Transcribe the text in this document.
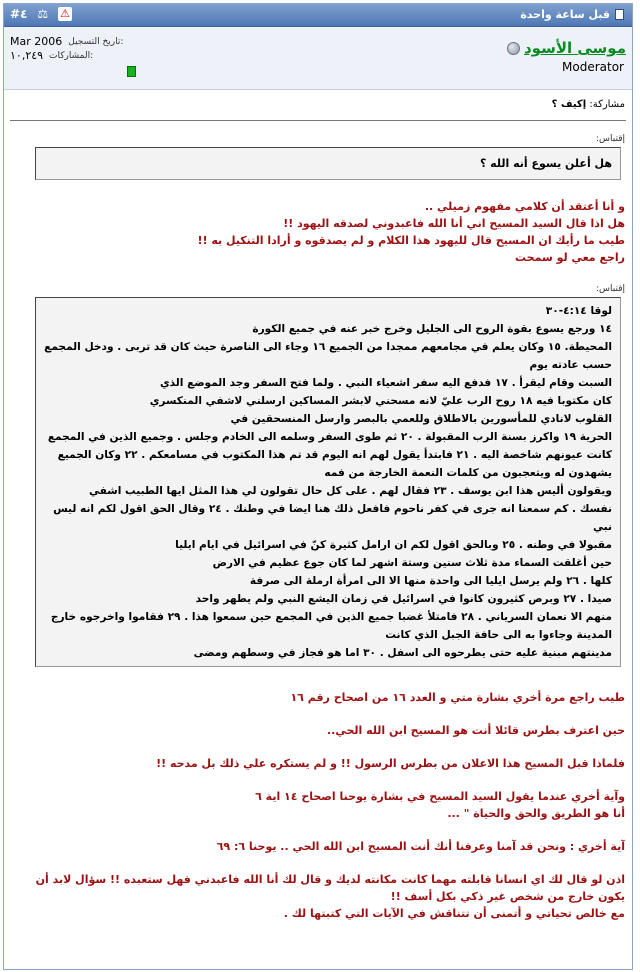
قبل ساعة واحدة
#٤ ⚖ ⚠
موسى الأسود
Moderator
Mar 2006 تاريخ التسجيل:
١٠,٢٤٩ المشاركات:
مشاركة: إكيف ؟
إقتباس:
هل أعلن يسوع أنه الله ؟

و أنا أعتقد أن كلامي مفهوم زميلي ..

هل اذا قال السيد المسيح اني أنا الله فاعبدوني لصدقه اليهود !!

طيب ما رأيك ان المسيح قال لليهود هذا الكلام و لم يصدقوه و أرادا التنكيل به !!

راجع معي لو سمحت

إقتباس:
لوقا ٤:١٤-٣٠
١٤ ورجع يسوع بقوة الروح الى الجليل وخرج خبر عنه في جميع الكورة
المحيطة. ١٥ وكان يعلم في مجامعهم ممجدا من الجميع ١٦ وجاء الى الناصرة حيث كان قد تربى . ودخل المجمع حسب عادته يوم
السبت وقام ليقرأ . ١٧ فدفع اليه سفر اشعياء النبي . ولما فتح السفر وجد الموضع الذي
كان مكتوبا فيه ١٨ روح الرب عليّ لانه مسحني لابشر المساكين ارسلني لاشفي المنكسري
القلوب لانادي للمأسورين بالاطلاق وللعمي بالبصر وارسل المنسحقين في
الحرية ١٩ واكرز بسنة الرب المقبولة . ٢٠ ثم طوى السفر وسلمه الى الخادم وجلس . وجميع الذين في المجمع
كانت عيونهم شاخصة اليه . ٢١ فابتدأ يقول لهم انه اليوم قد تم هذا المكتوب في مسامعكم . ٢٢ وكان الجميع
يشهدون له ويتعجبون من كلمات النعمة الخارجة من فمه
ويقولون أليس هذا ابن يوسف . ٢٣ فقال لهم . على كل حال تقولون لي هذا المثل ايها الطبيب اشفي
نفسك . كم سمعنا انه جرى في كفر ناحوم فافعل ذلك هنا ايضا في وطنك . ٢٤ وقال الحق اقول لكم انه ليس نبي
مقبولا في وطنه . ٢٥ وبالحق اقول لكم ان ارامل كثيرة كنّ في اسرائيل في ايام ايليا
حين أغلقت السماء مدة ثلاث سنين وستة اشهر لما كان جوع عظيم في الارض
كلها . ٢٦ ولم يرسل ايليا الى واحدة منها الا الى امرأة ارملة الى صرفة
صيدا . ٢٧ وبرص كثيرون كانوا في اسرائيل في زمان اليشع النبي ولم يطهر واحد
منهم الا نعمان السرياني . ٢٨ فامتلأ غضبا جميع الذين في المجمع حين سمعوا هذا . ٢٩ فقاموا واخرجوه خارج
المدينة وجاءوا به الى حافة الجبل الذي كانت
مدينتهم مبنية عليه حتى يطرحوه الى اسفل . ٣٠ اما هو فجاز في وسطهم ومضى

طيب راجع مرة أخري بشارة متي و العدد ١٦ من اصحاح رقم ١٦

حين اعترف بطرس قائلا أنت هو المسيح ابن الله الحي..

فلماذا قبل المسيح هذا الاعلان من بطرس الرسول !! و لم يستكره علي ذلك بل مدحه !!

وآية أخري عندما يقول السيد المسيح في بشارة يوحنا اصحاح ١٤ اية ٦

أنا هو الطريق والحق والحياة " ...

آية أخري : ونحن قد آمنا وعرفنا أنك أنت المسيح ابن الله الحي .. يوحنا ٦: ٦٩

اذن لو قال لك اي انسانا قابلته مهما كانت مكانته لديك و قال لك أنا الله فاعبدني فهل ستعبده !! سؤال لابد أن يكون خارج من شخص غير ذكي بكل أسف !!

مع خالص تحياتي و أتمنى أن تتناقش في الآيات التي كتبتها لك .
